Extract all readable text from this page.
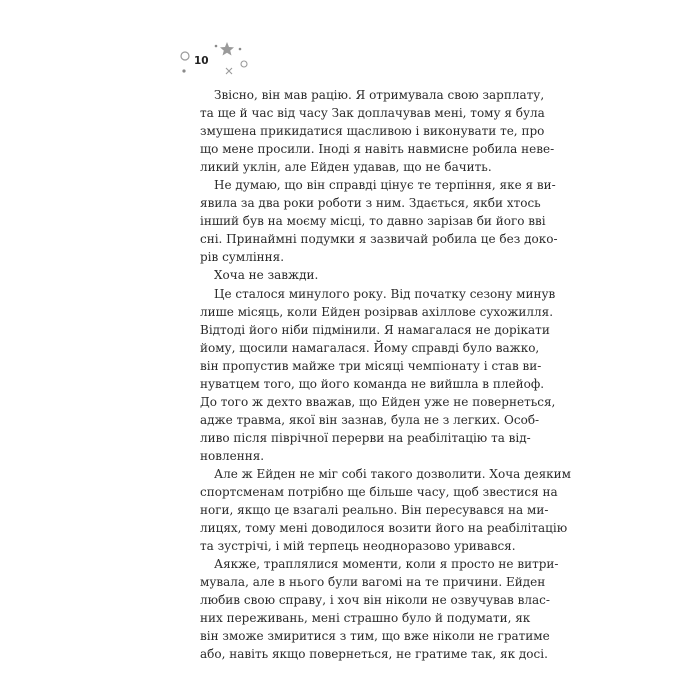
10
Звісно, він мав рацію. Я отримувала свою зарплату,
та ще й час від часу Зак доплачував мені, тому я була
змушена прикидатися щасливою і виконувати те, про
що мене просили. Іноді я навіть навмисне робила неве-
ликий уклін, але Ейден удавав, що не бачить.
Не думаю, що він справді цінує те терпіння, яке я ви-
явила за два роки роботи з ним. Здається, якби хтось
інший був на моєму місці, то давно зарізав би його вві
сні. Принаймні подумки я зазвичай робила це без доко-
рів сумління.
Хоча не завжди.
Це сталося минулого року. Від початку сезону минув
лише місяць, коли Ейден розірвав ахіллове сухожилля.
Відтоді його ніби підмінили. Я намагалася не дорікати
йому, щосили намагалася. Йому справді було важко,
він пропустив майже три місяці чемпіонату і став ви-
нуватцем того, що його команда не вийшла в плейоф.
До того ж дехто вважав, що Ейден уже не повернеться,
адже травма, якої він зазнав, була не з легких. Особ-
ливо після піврічної перерви на реабілітацію та від-
новлення.
Але ж Ейден не міг собі такого дозволити. Хоча деяким
спортсменам потрібно ще більше часу, щоб звестися на
ноги, якщо це взагалі реально. Він пересувався на ми-
лицях, тому мені доводилося возити його на реабілітацію
та зустрічі, і мій терпець неодноразово уривався.
Аякже, траплялися моменти, коли я просто не витри-
мувала, але в нього були вагомі на те причини. Ейден
любив свою справу, і хоч він ніколи не озвучував влас-
них переживань, мені страшно було й подумати, як
він зможе змиритися з тим, що вже ніколи не гратиме
або, навіть якщо повернеться, не гратиме так, як досі.
